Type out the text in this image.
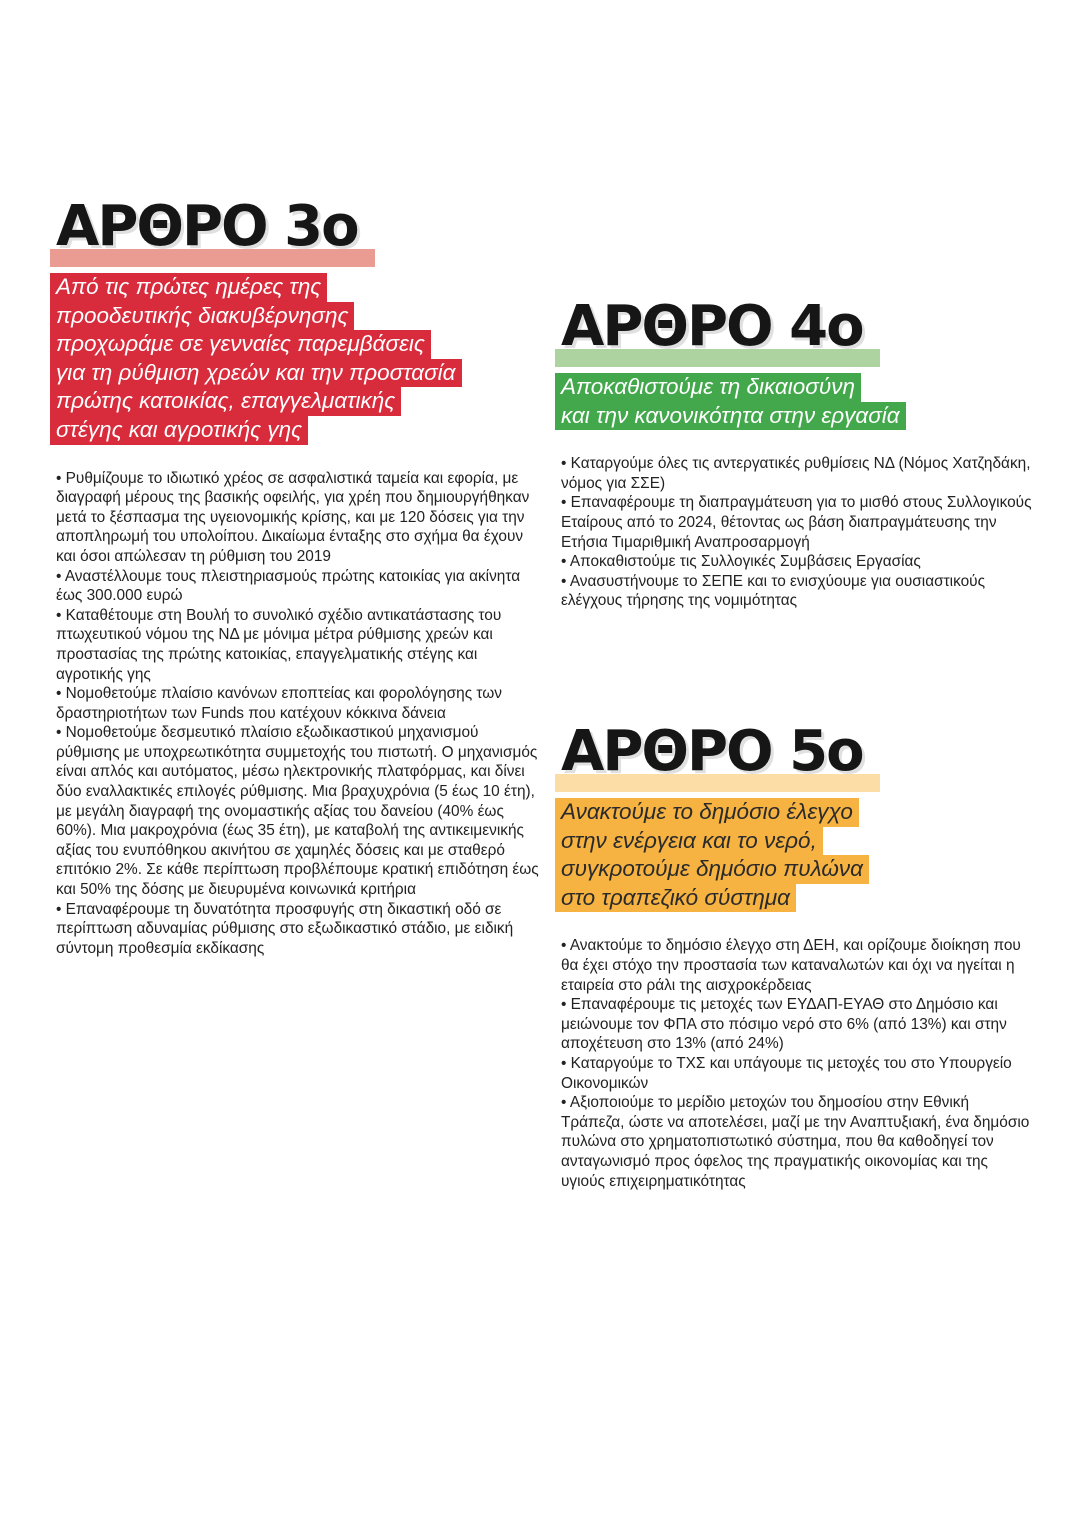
ΑΡΘΡΟ 3ο
Από τις πρώτες ημέρες της
προοδευτικής διακυβέρνησης
προχωράμε σε γενναίες παρεμβάσεις
για τη ρύθμιση χρεών και την προστασία
πρώτης κατοικίας, επαγγελματικής
στέγης και αγροτικής γης
• Ρυθμίζουμε το ιδιωτικό χρέος σε ασφαλιστικά ταμεία και εφορία, με διαγραφή μέρους της βασικής οφειλής, για χρέη που δημιουργήθηκαν μετά το ξέσπασμα της υγειονομικής κρίσης, και με 120 δόσεις για την αποπληρωμή του υπολοίπου. Δικαίωμα ένταξης στο σχήμα θα έχουν και όσοι απώλεσαν τη ρύθμιση του 2019
• Αναστέλλουμε τους πλειστηριασμούς πρώτης κατοικίας για ακίνητα έως 300.000 ευρώ
• Καταθέτουμε στη Βουλή το συνολικό σχέδιο αντικατάστασης του πτωχευτικού νόμου της ΝΔ με μόνιμα μέτρα ρύθμισης χρεών και προστασίας της πρώτης κατοικίας, επαγγελματικής στέγης και αγροτικής γης
• Νομοθετούμε πλαίσιο κανόνων εποπτείας και φορολόγησης των δραστηριοτήτων των Funds που κατέχουν κόκκινα δάνεια
• Νομοθετούμε δεσμευτικό πλαίσιο εξωδικαστικού μηχανισμού ρύθμισης με υποχρεωτικότητα συμμετοχής του πιστωτή. Ο μηχανισμός είναι απλός και αυτόματος, μέσω ηλεκτρονικής πλατφόρμας, και δίνει δύο εναλλακτικές επιλογές ρύθμισης. Μια βραχυχρόνια (5 έως 10 έτη), με μεγάλη διαγραφή της ονομαστικής αξίας του δανείου (40% έως 60%). Μια μακροχρόνια (έως 35 έτη), με καταβολή της αντικειμενικής αξίας του ενυπόθηκου ακινήτου σε χαμηλές δόσεις και με σταθερό επιτόκιο 2%. Σε κάθε περίπτωση προβλέπουμε κρατική επιδότηση έως και 50% της δόσης με διευρυμένα κοινωνικά κριτήρια
• Επαναφέρουμε τη δυνατότητα προσφυγής στη δικαστική οδό σε περίπτωση αδυναμίας ρύθμισης στο εξωδικαστικό στάδιο, με ειδική σύντομη προθεσμία εκδίκασης
ΑΡΘΡΟ 4ο
Αποκαθιστούμε τη δικαιοσύνη
και την κανονικότητα στην εργασία
• Καταργούμε όλες τις αντεργατικές ρυθμίσεις ΝΔ (Νόμος Χατζηδάκη, νόμος για ΣΣΕ)
• Επαναφέρουμε τη διαπραγμάτευση για το μισθό στους Συλλογικούς Εταίρους από το 2024, θέτοντας ως βάση διαπραγμάτευσης την Ετήσια Τιμαριθμική Αναπροσαρμογή
• Αποκαθιστούμε τις Συλλογικές Συμβάσεις Εργασίας
• Ανασυστήνουμε το ΣΕΠΕ και το ενισχύουμε για ουσιαστικούς ελέγχους τήρησης της νομιμότητας
ΑΡΘΡΟ 5ο
Ανακτούμε το δημόσιο έλεγχο
στην ενέργεια και το νερό,
συγκροτούμε δημόσιο πυλώνα
στο τραπεζικό σύστημα
• Ανακτούμε το δημόσιο έλεγχο στη ΔΕΗ, και ορίζουμε διοίκηση που θα έχει στόχο την προστασία των καταναλωτών και όχι να ηγείται η εταιρεία στο ράλι της αισχροκέρδειας
• Επαναφέρουμε τις μετοχές των ΕΥΔΑΠ-ΕΥΑΘ στο Δημόσιο και μειώνουμε τον ΦΠΑ στο πόσιμο νερό στο 6% (από 13%) και στην αποχέτευση στο 13% (από 24%)
• Καταργούμε το ΤΧΣ και υπάγουμε τις μετοχές του στο Υπουργείο Οικονομικών
• Αξιοποιούμε το μερίδιο μετοχών του δημοσίου στην Εθνική Τράπεζα, ώστε να αποτελέσει, μαζί με την Αναπτυξιακή, ένα δημόσιο πυλώνα στο χρηματοπιστωτικό σύστημα, που θα καθοδηγεί τον ανταγωνισμό προς όφελος της πραγματικής οικονομίας και της υγιούς επιχειρηματικότητας
